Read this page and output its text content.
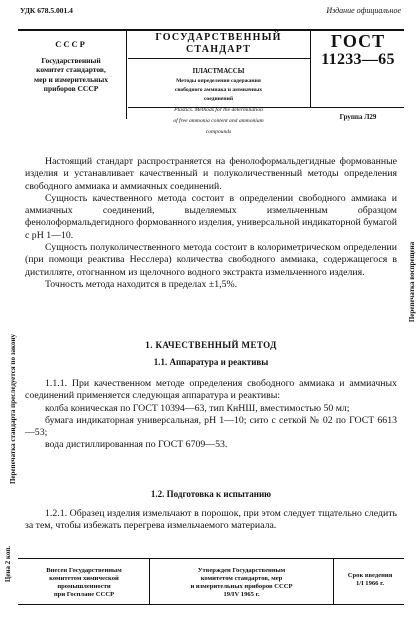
УДК 678.5.001.4	Издание официальное
СССР
Государственный
комитет стандартов,
мер и измерительных
приборов СССР
ГОСУДАРСТВЕННЫЙ
СТАНДАРТ
ПЛАСТМАССЫ
Методы определения содержания
свободного аммиака и аммиачных
соединений
Plastics. Methods for the determination
of free ammonia content and ammonium
compounds
ГОСТ
11233—65
Группа Л29
Цена 2 коп.
Перепечатка стандарта преследуется по закону
Перепечатка воспрещена

Настоящий стандарт распространяется на фенолоформальдегидные формованные изделия и устанавливает качественный и полуколичественный методы определения свободного аммиака и аммиачных соединений.

Сущность качественного метода состоит в определении свободного аммиака и аммиачных соединений, выделяемых измельченным образцом фенолоформальдегидного формованного изделия, универсальной индикаторной бумагой с pH 1—10.

Сущность полуколичественного метода состоит в колориметрическом определении (при помощи реактива Несслера) количества свободного аммиака, содержащегося в дистилляте, отогнанном из щелочного водного экстракта измельченного изделия.

Точность метода находится в пределах ±1,5%.

1. КАЧЕСТВЕННЫЙ МЕТОД
1.1. Аппаратура и реактивы

1.1.1. При качественном методе определения свободного аммиака и аммиачных соединений применяется следующая аппаратура и реактивы:

колба коническая по ГОСТ 10394—63, тип КнНШ, вместимостью 50 мл;

бумага индикаторная универсальная, pH 1—10; сито с сеткой № 02 по ГОСТ 6613—53;

вода дистиллированная по ГОСТ 6709—53.

1.2. Подготовка к испытанию

1.2.1. Образец изделия измельчают в порошок, при этом следует тщательно следить за тем, чтобы избежать перегрева измельчаемого материала.

Внесен Государственным
комитетом химической
промышленности
при Госплане СССР
Утвержден Государственным
комитетом стандартов, мер
и измерительных приборов СССР
19/IV 1965 г.
Срок введения
1/I 1966 г.
